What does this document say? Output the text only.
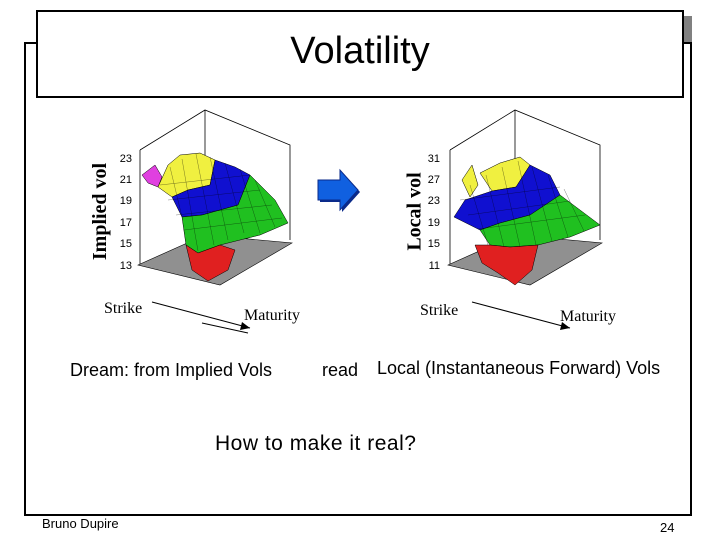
Volatility
Implied vol
23
21
19
17
15
13
Strike	Maturity
Local vol
31
27
23
19
15
11
Strike	Maturity
Dream: from Implied Vols	read Local (Instantaneous Forward) Vols
How to make it real?
Bruno Dupire	24
